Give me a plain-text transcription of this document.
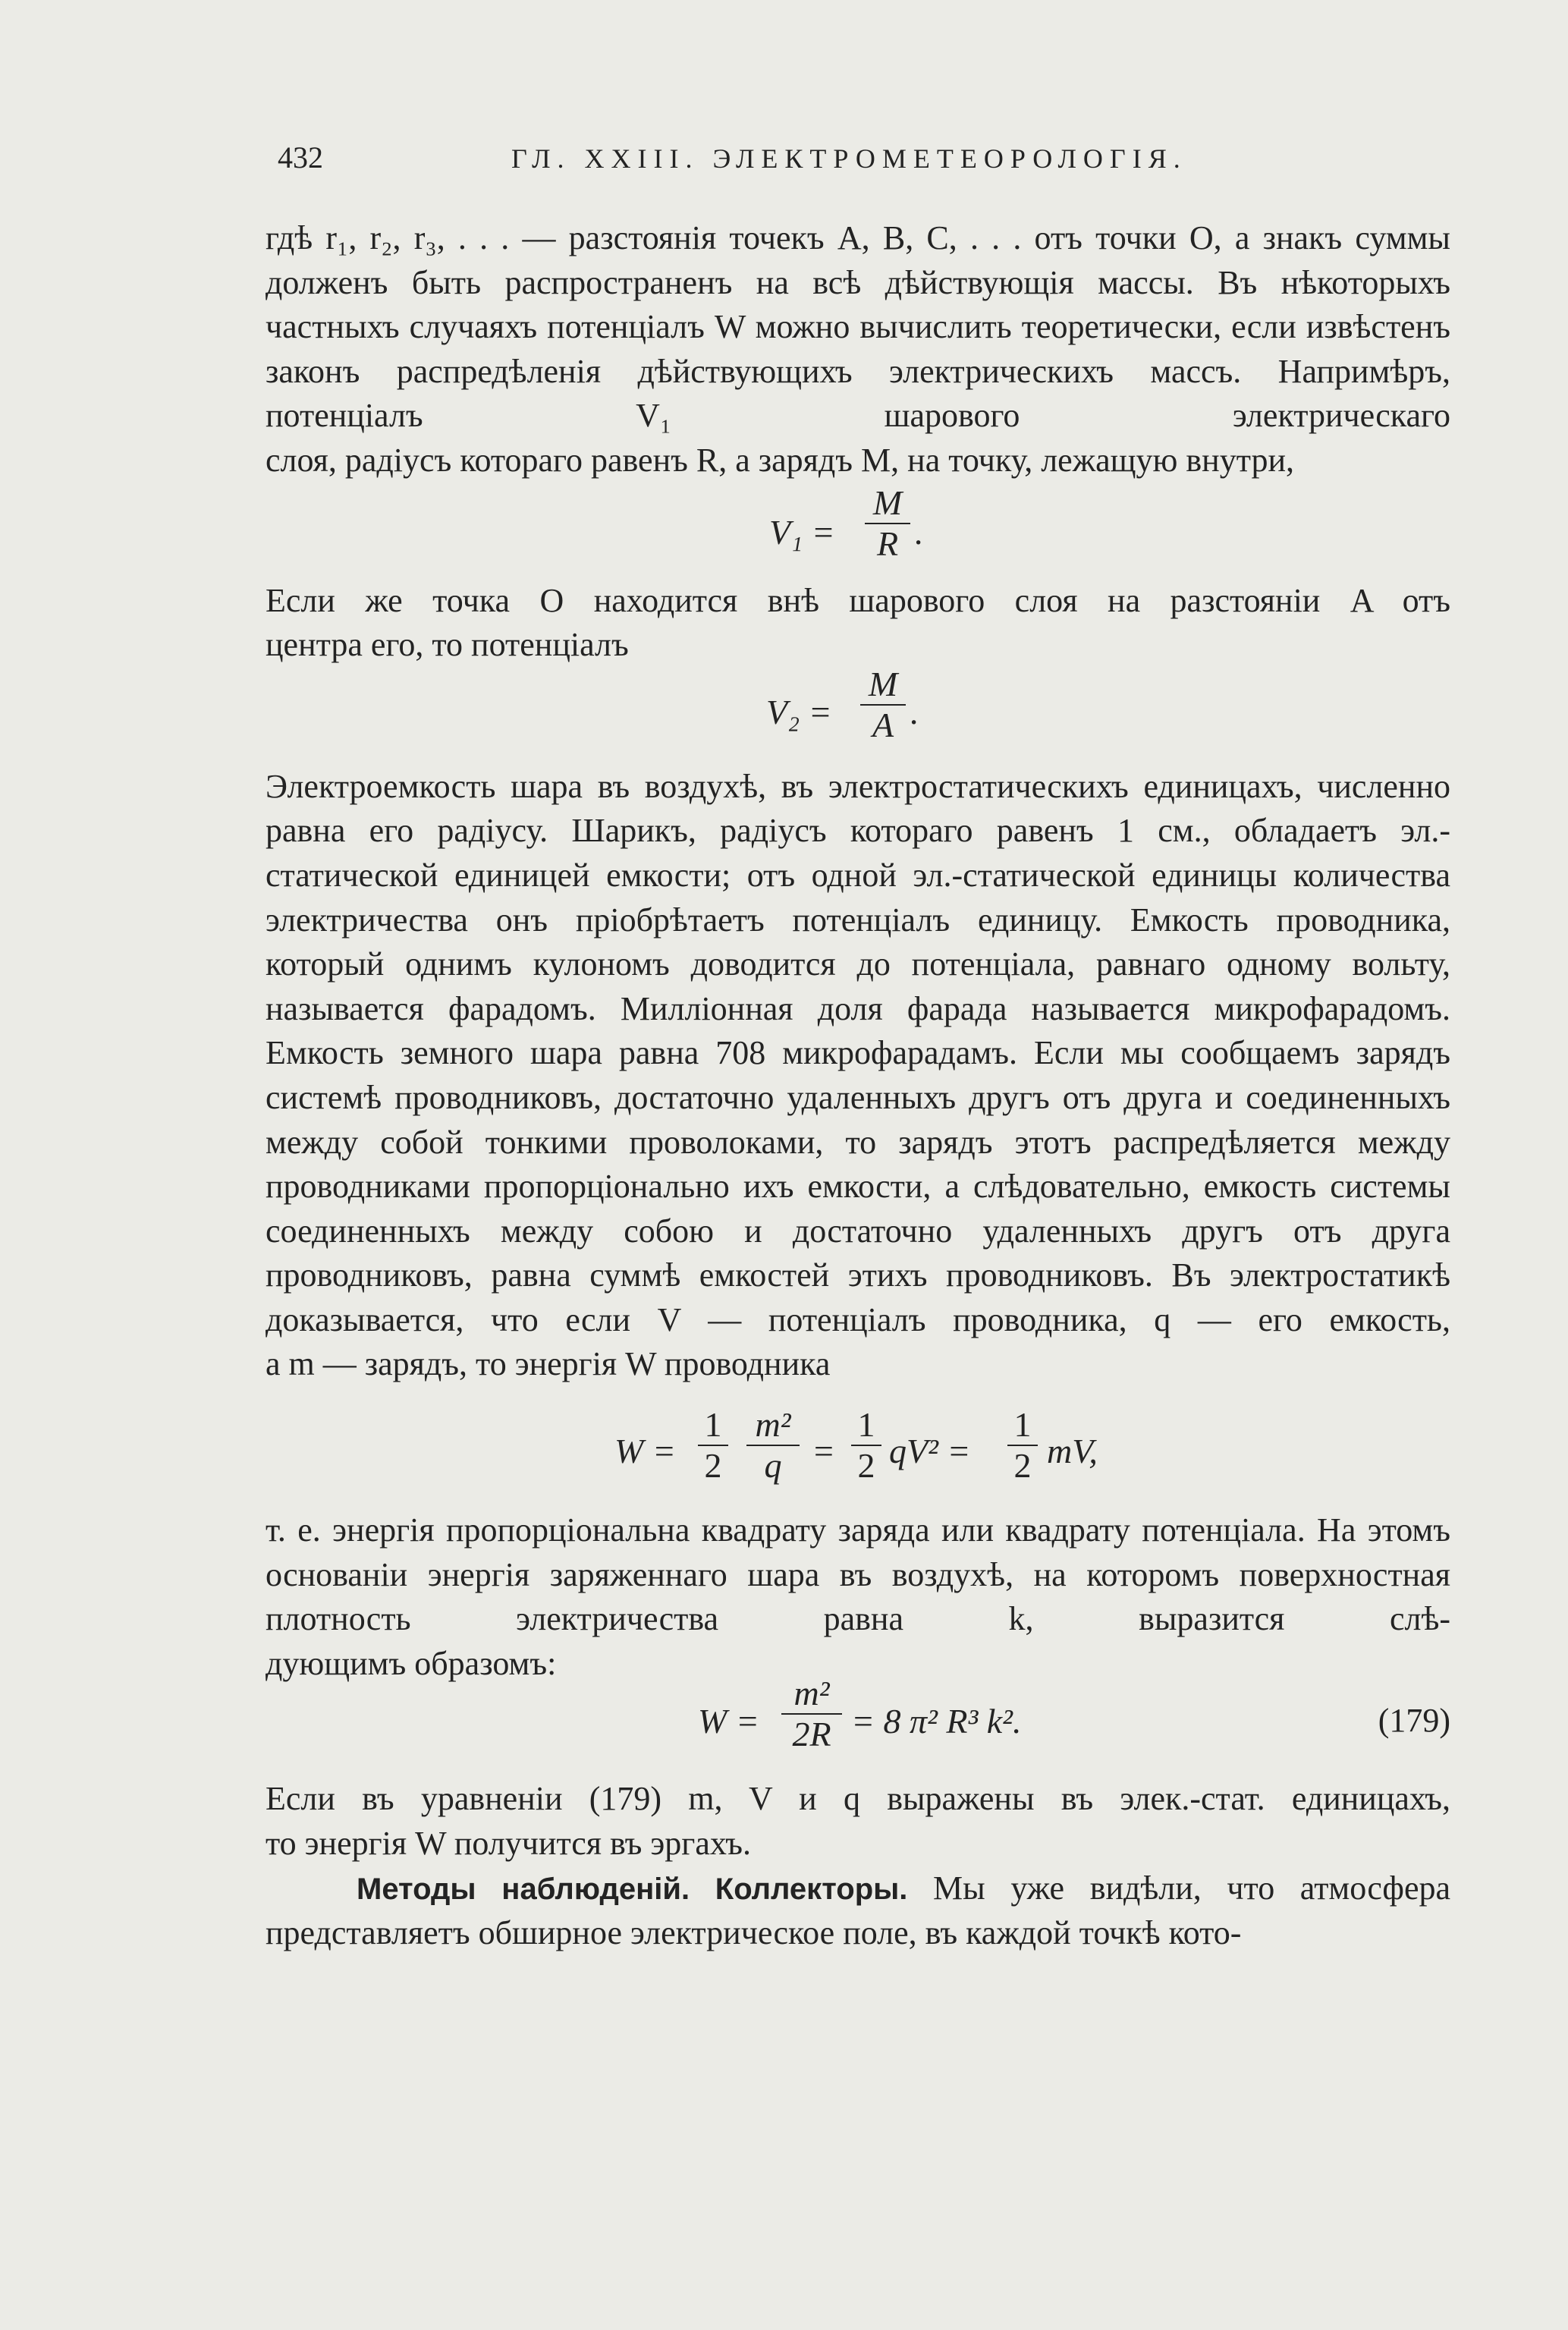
432	ГЛ. XXIII. ЭЛЕКТРОМЕТЕОРОЛОГІЯ.

гдѣ r₁, r₂, r₃, . . . — разстоянія точекъ A, B, C, . . . отъ точки O, а знакъ суммы долженъ быть распространенъ на всѣ дѣйствующія массы. Въ нѣкоторыхъ частныхъ случаяхъ потенціалъ W можно вычислить теоретически, если извѣстенъ законъ распредѣленія дѣйствующихъ электрическихъ массъ. Напримѣръ, потенціалъ V₁ шарового электрическаго
слоя, радіусъ котораго равенъ R, а зарядъ M, на точку, лежащую внутри,

V₁ =
M
R .

Если же точка O находится внѣ шарового слоя на разстояніи A отъ
центра его, то потенціалъ

V₂ =
M
A .

Электроемкость шара въ воздухѣ, въ электростатическихъ единицахъ, численно равна его радіусу. Шарикъ, радіусъ котораго равенъ 1 см., обладаетъ эл.-статической единицей емкости; отъ одной эл.-статической единицы количества электричества онъ пріобрѣтаетъ потенціалъ единицу. Емкость проводника, который однимъ кулономъ доводится до потенціала, равнаго одному вольту, называется фарадомъ. Милліонная доля фарада называется микрофарадомъ. Емкость земного шара равна 708 микрофарадамъ. Если мы сообщаемъ зарядъ системѣ проводниковъ, достаточно удаленныхъ другъ отъ друга и соединенныхъ между собой тонкими проволоками, то зарядъ этотъ распредѣляется между проводниками пропорціонально ихъ емкости, а слѣдовательно, емкость системы соединенныхъ между собою и достаточно удаленныхъ другъ отъ друга проводниковъ, равна суммѣ емкостей этихъ проводниковъ. Въ электростатикѣ доказывается, что если V — потенціалъ проводника, q — его емкость,
а m — зарядъ, то энергія W проводника

W =
1
2
m²
q =
1
2 qV² =
1
2 mV,

т. е. энергія пропорціональна квадрату заряда или квадрату потенціала. На этомъ основаніи энергія заряженнаго шара въ воздухѣ, на которомъ поверхностная плотность электричества равна k, выразится слѣ-
дующимъ образомъ:

W =
m²
2R = 8 π² R³ k².	(179)

Если въ уравненіи (179) m, V и q выражены въ элек.-стат. единицахъ,
то энергія W получится въ эргахъ.

Методы наблюденій. Коллекторы. Мы уже видѣли, что атмосфера представляетъ обширное электрическое поле, въ каждой точкѣ кото-
